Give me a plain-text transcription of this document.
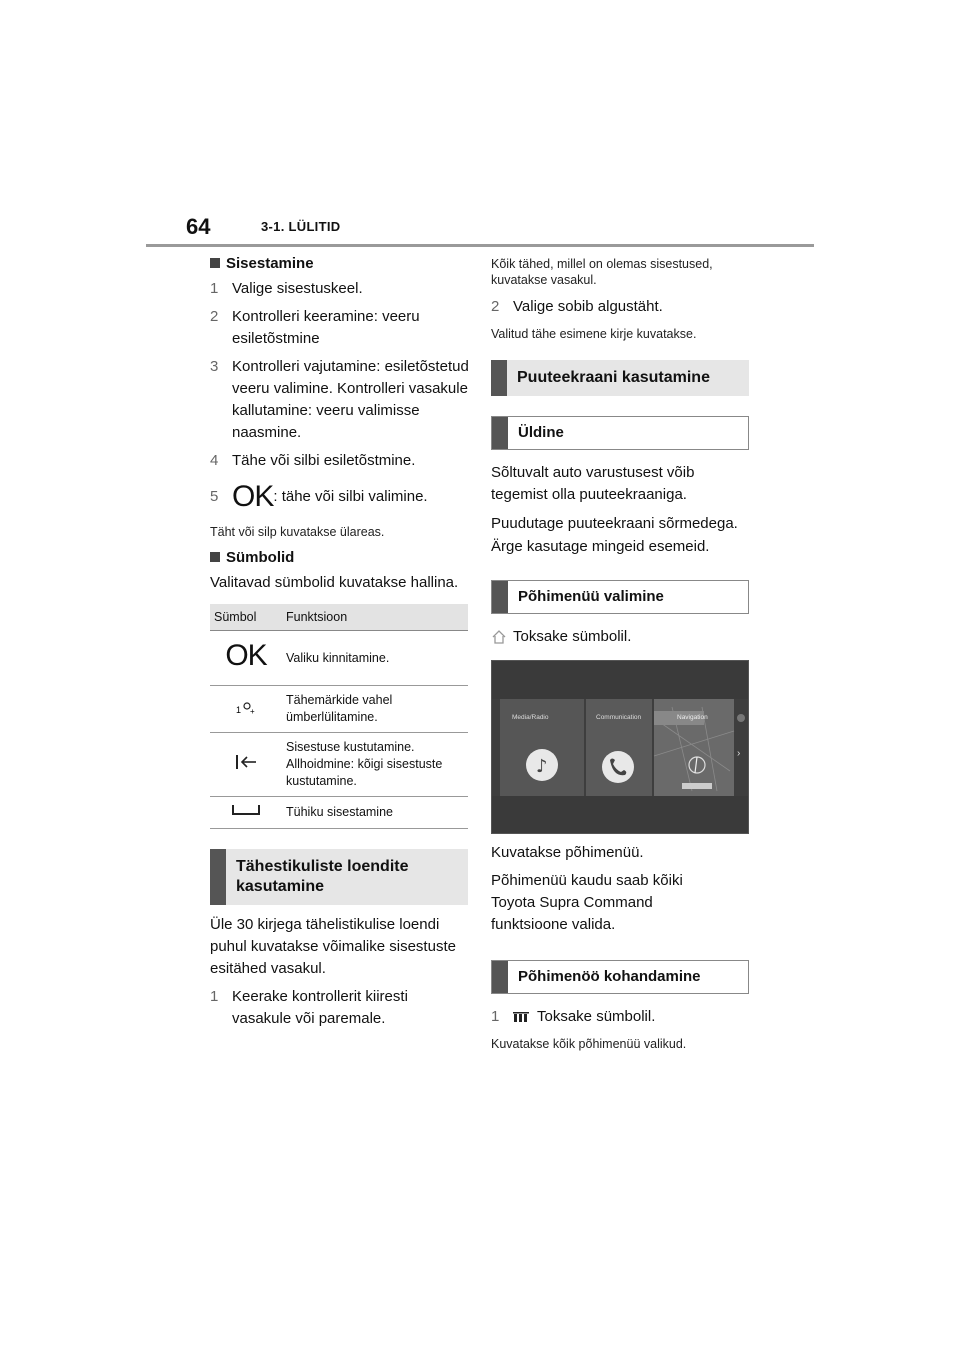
64	3-1. LÜLITID

Sisestamine

1 Valige sisestuskeel.
2 Kontrolleri keeramine: veeru esiletõstmine
3 Kontrolleri vajutamine: esiletõstetud veeru valimine. Kontrolleri vasakule kallutamine: veeru valimisse naasmine.
4 Tähe või silbi esiletõstmine.
5 OK : tähe või silbi valimine.

Täht või silp kuvatakse ülareas.

Sümbolid

Valitavad sümbolid kuvatakse hallina.

Sümbol	Funktsioon
OK	Valiku kinnitamine.

1 +	Tähemärkide vahel ümberlülitamine.
	Sisestuse kustutamine. Allhoidmine: kõigi sisestuste kustutamine.
	Tühiku sisestamine
Tähestikuliste loendite kasutamine

Üle 30 kirjega tähelistikulise loendi puhul kuvatakse võimalike sisestuste esitähed vasakul.

1 Keerake kontrollerit kiiresti vasakule või paremale.

Kõik tähed, millel on olemas sisestused, kuvatakse vasakul.

2 Valige sobib algustäht.

Valitud tähe esimene kirje kuvatakse.

Puuteekraani kasutamine
Üldine

Sõltuvalt auto varustusest võib tegemist olla puuteekraaniga.

Puudutage puuteekraani sõrmedega. Ärge kasutage mingeid esemeid.

Põhimenüü valimine
Toksake sümbolil.
♪
›
Media/Radio	Communication	Navigation

Kuvatakse põhimenüü.

Põhimenüü kaudu saab kõiki Toyota Supra Command funktsioone valida.

Põhimenöö kohandamine
1	Toksake sümbolil.

Kuvatakse kõik põhimenüü valikud.
